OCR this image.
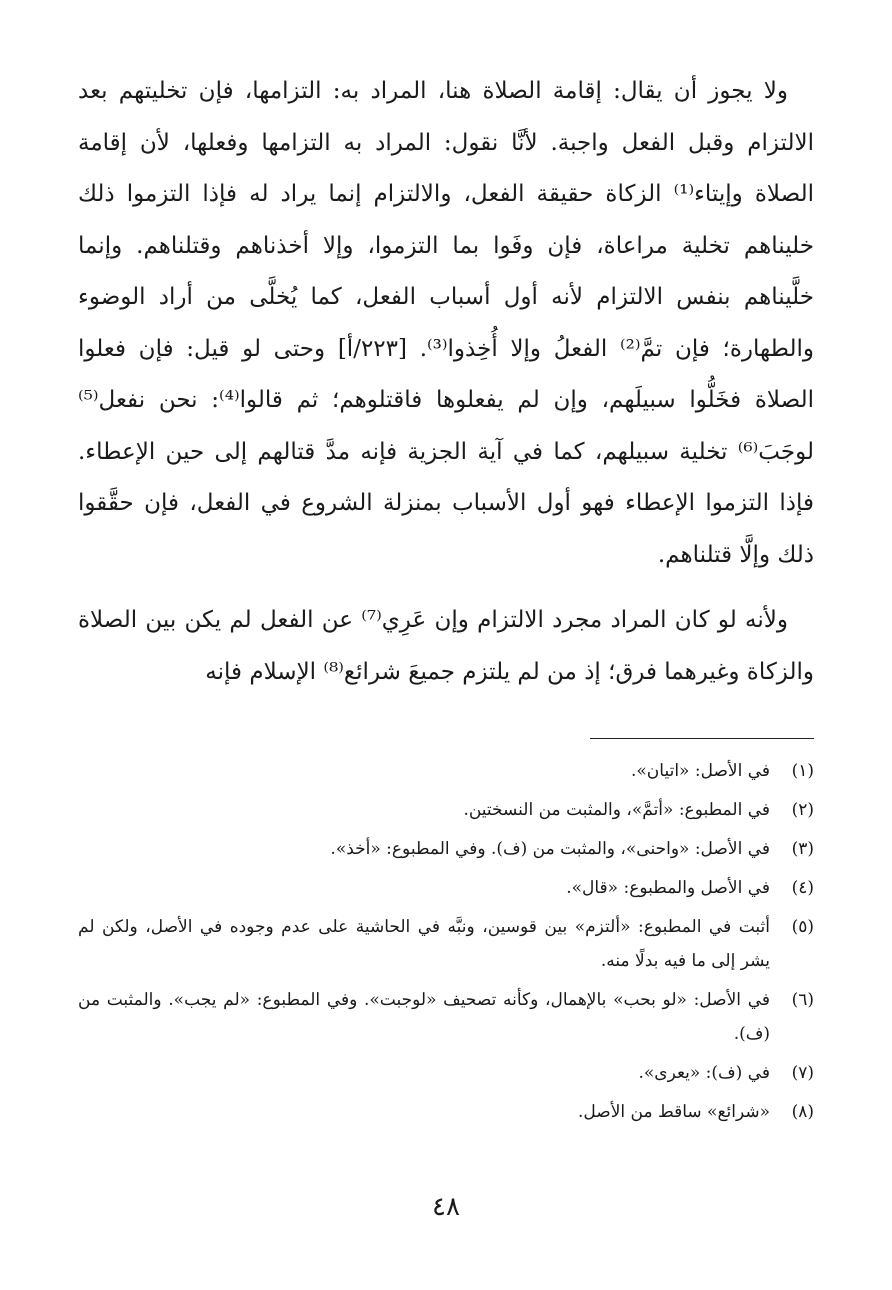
ولا يجوز أن يقال: إقامة الصلاة هنا، المراد به: التزامها، فإن تخليتهم بعد الالتزام وقبل الفعل واجبة. لأنَّا نقول: المراد به التزامها وفعلها، لأن إقامة الصلاة وإيتاء⁽¹⁾ الزكاة حقيقة الفعل، والالتزام إنما يراد له فإذا التزموا ذلك خليناهم تخلية مراعاة، فإن وفَوا بما التزموا، وإلا أخذناهم وقتلناهم. وإنما خلَّيناهم بنفس الالتزام لأنه أول أسباب الفعل، كما يُخلَّى من أراد الوضوء والطهارة؛ فإن تمَّ⁽²⁾ الفعلُ وإلا أُخِذوا⁽³⁾. [٢٢٣/أ] وحتى لو قيل: فإن فعلوا الصلاة فخَلُّوا سبيلَهم، وإن لم يفعلوها فاقتلوهم؛ ثم قالوا⁽⁴⁾: نحن نفعل⁽⁵⁾ لوجَبَ⁽⁶⁾ تخلية سبيلهم، كما في آية الجزية فإنه مدَّ قتالهم إلى حين الإعطاء. فإذا التزموا الإعطاء فهو أول الأسباب بمنزلة الشروع في الفعل، فإن حقَّقوا ذلك وإلَّا قتلناهم.

ولأنه لو كان المراد مجرد الالتزام وإن عَرِي⁽⁷⁾ عن الفعل لم يكن بين الصلاة والزكاة وغيرهما فرق؛ إذ من لم يلتزم جميعَ شرائع⁽⁸⁾ الإسلام فإنه

(١)
في الأصل: «اتيان».
(٢)
في المطبوع: «أتمَّ»، والمثبت من النسختين.
(٣)
في الأصل: «واحنى»، والمثبت من (ف). وفي المطبوع: «أخذ».
(٤)
في الأصل والمطبوع: «قال».
(٥)
أثبت في المطبوع: «ألتزم» بين قوسين، ونبَّه في الحاشية على عدم وجوده في الأصل، ولكن لم يشر إلى ما فيه بدلًا منه.
(٦)
في الأصل: «لو بحب» بالإهمال، وكأنه تصحيف «لوجبت». وفي المطبوع: «لم يجب». والمثبت من (ف).
(٧)
في (ف): «يعرى».
(٨)
«شرائع» ساقط من الأصل.
٤٨
